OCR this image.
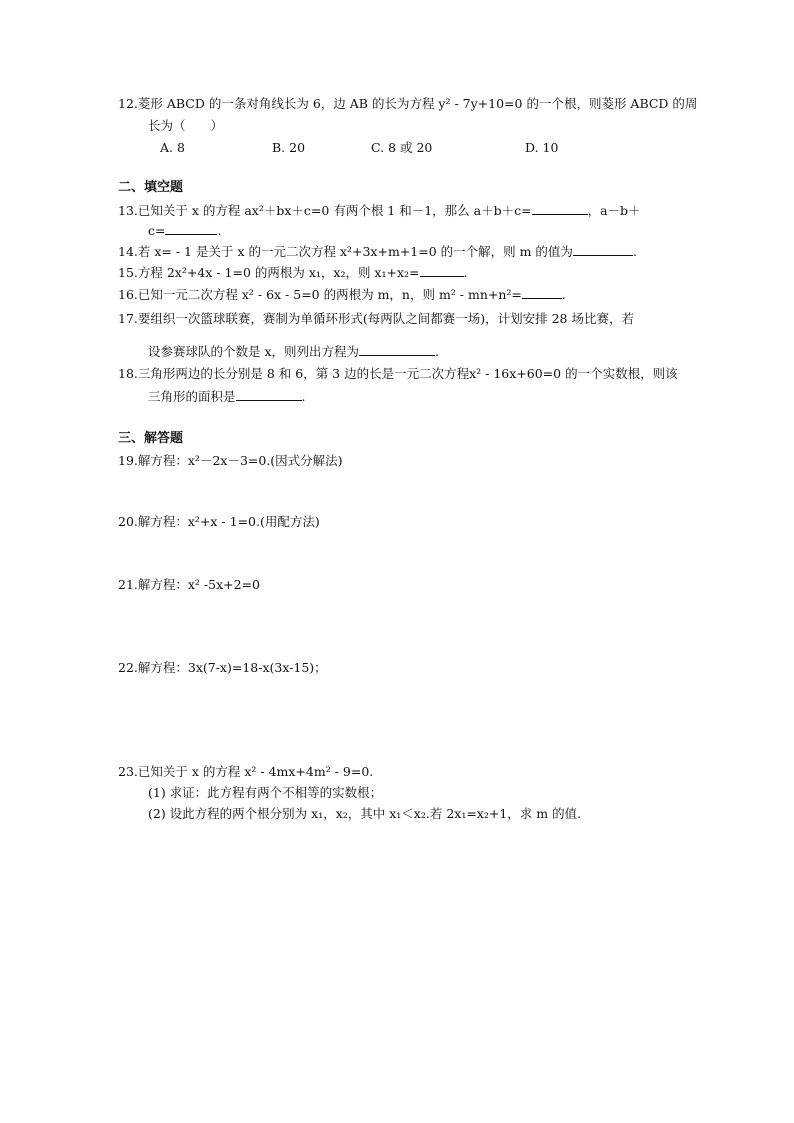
12.菱形 ABCD 的一条对角线长为 6，边 AB 的长为方程 y² - 7y+10=0 的一个根，则菱形 ABCD 的周
长为（　　）
A. 8	B. 20	C. 8 或 20	D. 10
二、填空题
13.已知关于 x 的方程 ax²＋bx＋c=0 有两个根 1 和－1，那么 a＋b＋c=	，a－b＋
c=	.
14.若 x= - 1 是关于 x 的一元二次方程 x²+3x+m+1=0 的一个解，则 m 的值为	.
15.方程 2x²+4x - 1=0 的两根为 x₁，x₂，则 x₁+x₂=	.
16.已知一元二次方程 x² - 6x - 5=0 的两根为 m，n，则 m² - mn+n²=	.
17.要组织一次篮球联赛，赛制为单循环形式(每两队之间都赛一场)，计划安排 28 场比赛，若
设参赛球队的个数是 x，则列出方程为	.
18.三角形两边的长分别是 8 和 6，第 3 边的长是一元二次方程x² - 16x+60=0 的一个实数根，则该
三角形的面积是	.
三、解答题
19.解方程：x²－2x－3=0.(因式分解法)
20.解方程：x²+x - 1=0.(用配方法)
21.解方程：x² -5x+2=0
22.解方程：3x(7-x)=18-x(3x-15)；
23.已知关于 x 的方程 x² - 4mx+4m² - 9=0.
(1) 求证：此方程有两个不相等的实数根；
(2) 设此方程的两个根分别为 x₁，x₂，其中 x₁＜x₂.若 2x₁=x₂+1，求 m 的值.
